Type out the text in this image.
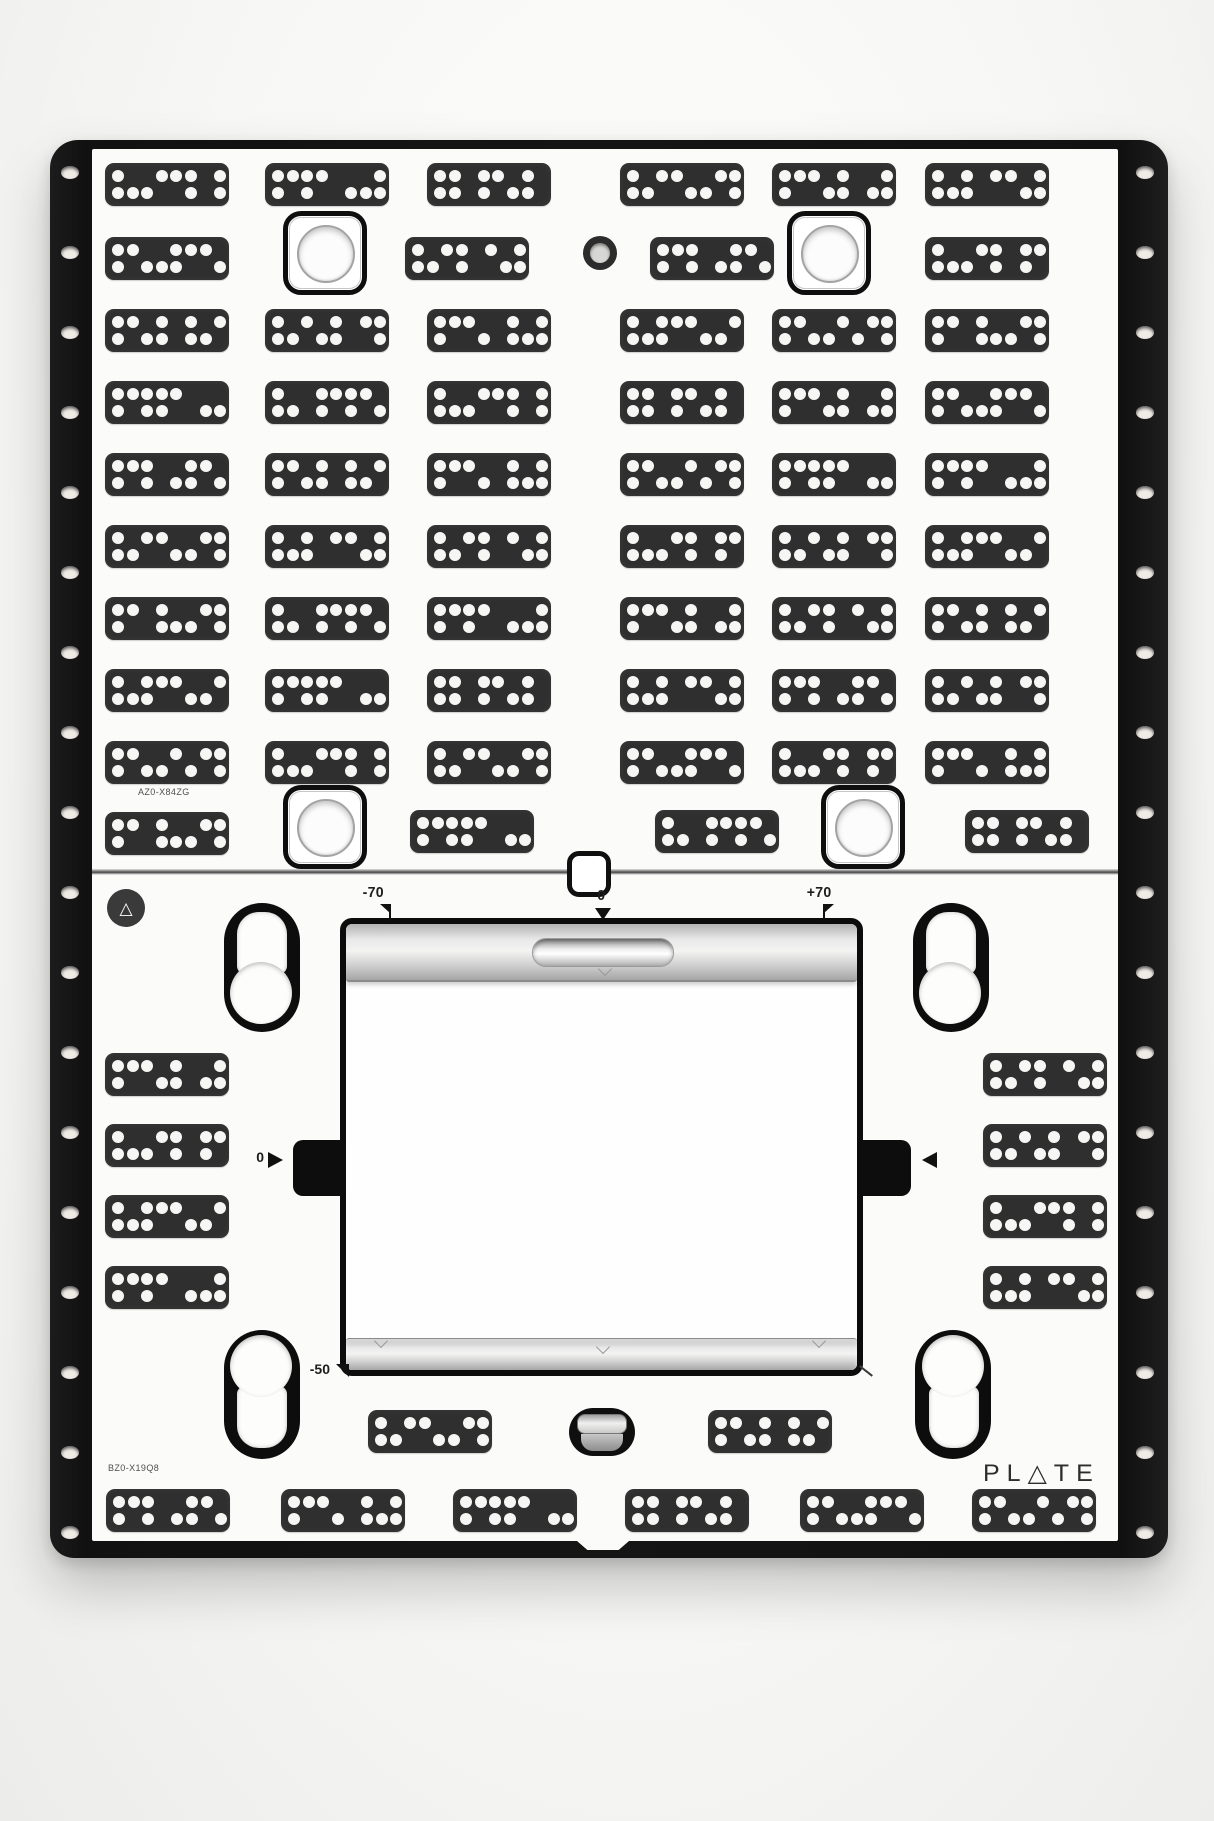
-70	0	+70
0
-50
△
AZ0-X84ZG
BZ0-X19Q8	PL△TE
